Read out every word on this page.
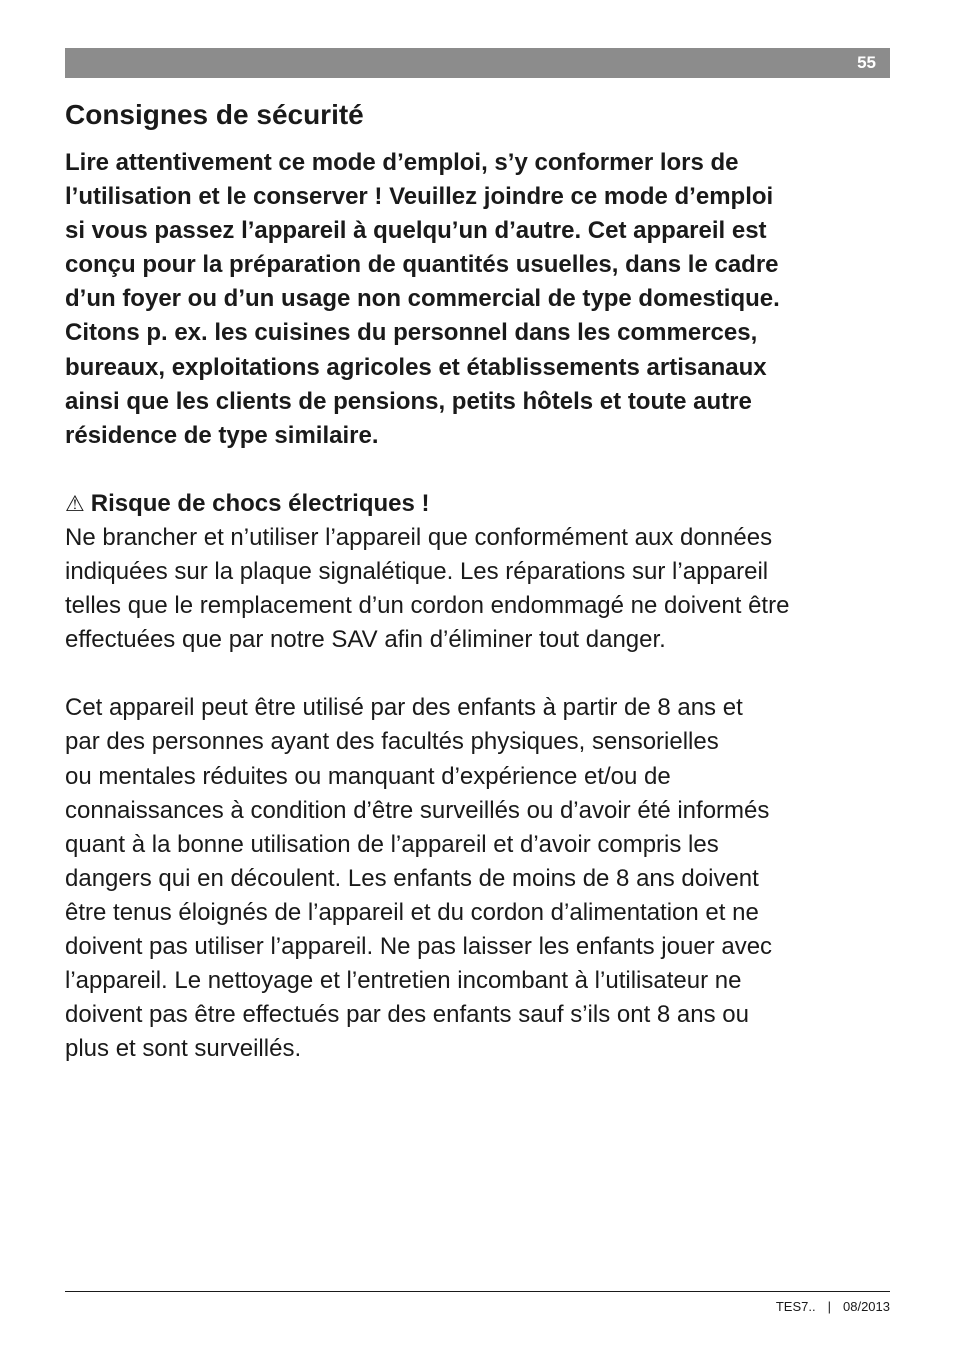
55
Consignes de sécurité

Lire attentivement ce mode d’emploi, s’y conformer lors de

l’utilisation et le conserver ! Veuillez joindre ce mode d’emploi

si vous passez l’appareil à quelqu’un d’autre. Cet appareil est

conçu pour la préparation de quantités usuelles, dans le cadre

d’un foyer ou d’un usage non commercial de type domestique.

Citons p. ex. les cuisines du personnel dans les commerces,

bureaux, exploitations agricoles et établissements artisanaux

ainsi que les clients de pensions, petits hôtels et toute autre

résidence de type similaire.

⚠ Risque de chocs électriques !

Ne brancher et n’utiliser l’appareil que conformément aux données

indiquées sur la plaque signalétique. Les réparations sur l’appareil

telles que le remplacement d’un cordon endommagé ne doivent être

effectuées que par notre SAV afin d’éliminer tout danger.

Cet appareil peut être utilisé par des enfants à partir de 8 ans et

par des personnes ayant des facultés physiques, sensorielles

ou mentales réduites ou manquant d’expérience et/ou de

connaissances à condition d’être surveillés ou d’avoir été informés

quant à la bonne utilisation de l’appareil et d’avoir compris les

dangers qui en découlent. Les enfants de moins de 8 ans doivent

être tenus éloignés de l’appareil et du cordon d’alimentation et ne

doivent pas utiliser l’appareil. Ne pas laisser les enfants jouer avec

l’appareil. Le nettoyage et l’entretien incombant à l’utilisateur ne

doivent pas être effectués par des enfants sauf s’ils ont 8 ans ou

plus et sont surveillés.

TES7.. | 08/2013
